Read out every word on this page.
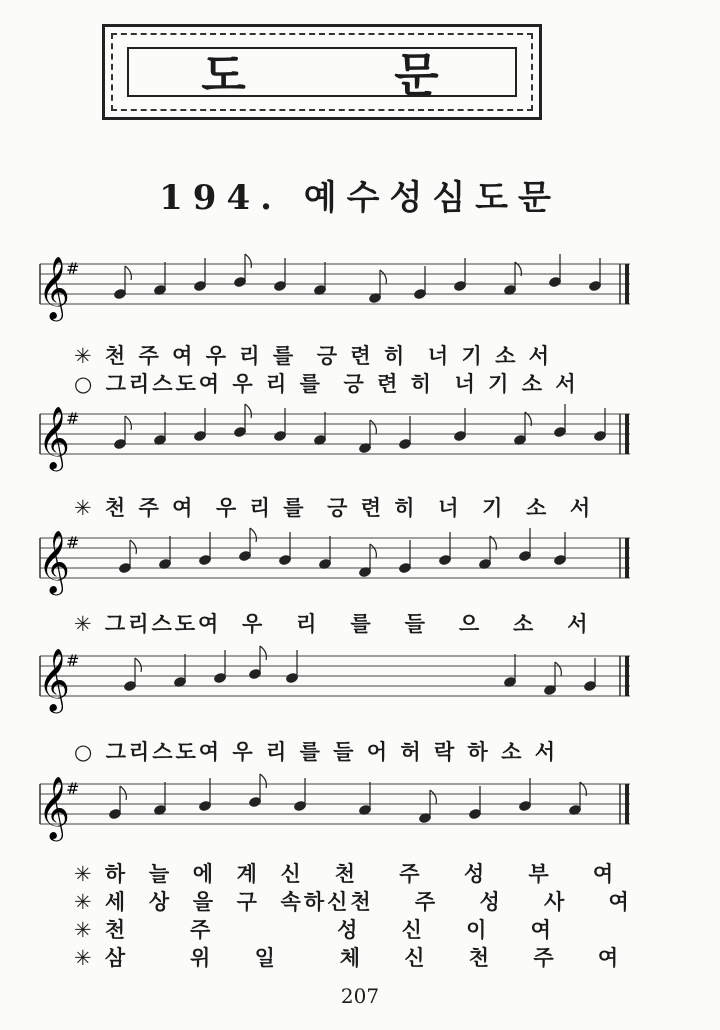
도	문
194. 예수성심도문
𝄞
#
✳ 천 주 여 우 리 를  긍 련 히  너 기 소 서
○ 그리스도여 우 리 를  긍 련 히  너 기 소 서
𝄞
#
✳ 천 주 여  우 리 를  긍 련 히  너  기  소  서
𝄞
#
✳ 그리스도여  우   리   를   들   으   소   서
𝄞
#
○ 그리스도여 우 리 를 들 어 허 락 하 소 서
𝄞
#
✳ 하  늘  에  계  신   천    주    성    부    여
✳ 세  상  을  구  속하신천    주    성    사    여
✳ 천      주            성    신    이    여
✳ 삼      위    일      체    신    천    주    여
207
